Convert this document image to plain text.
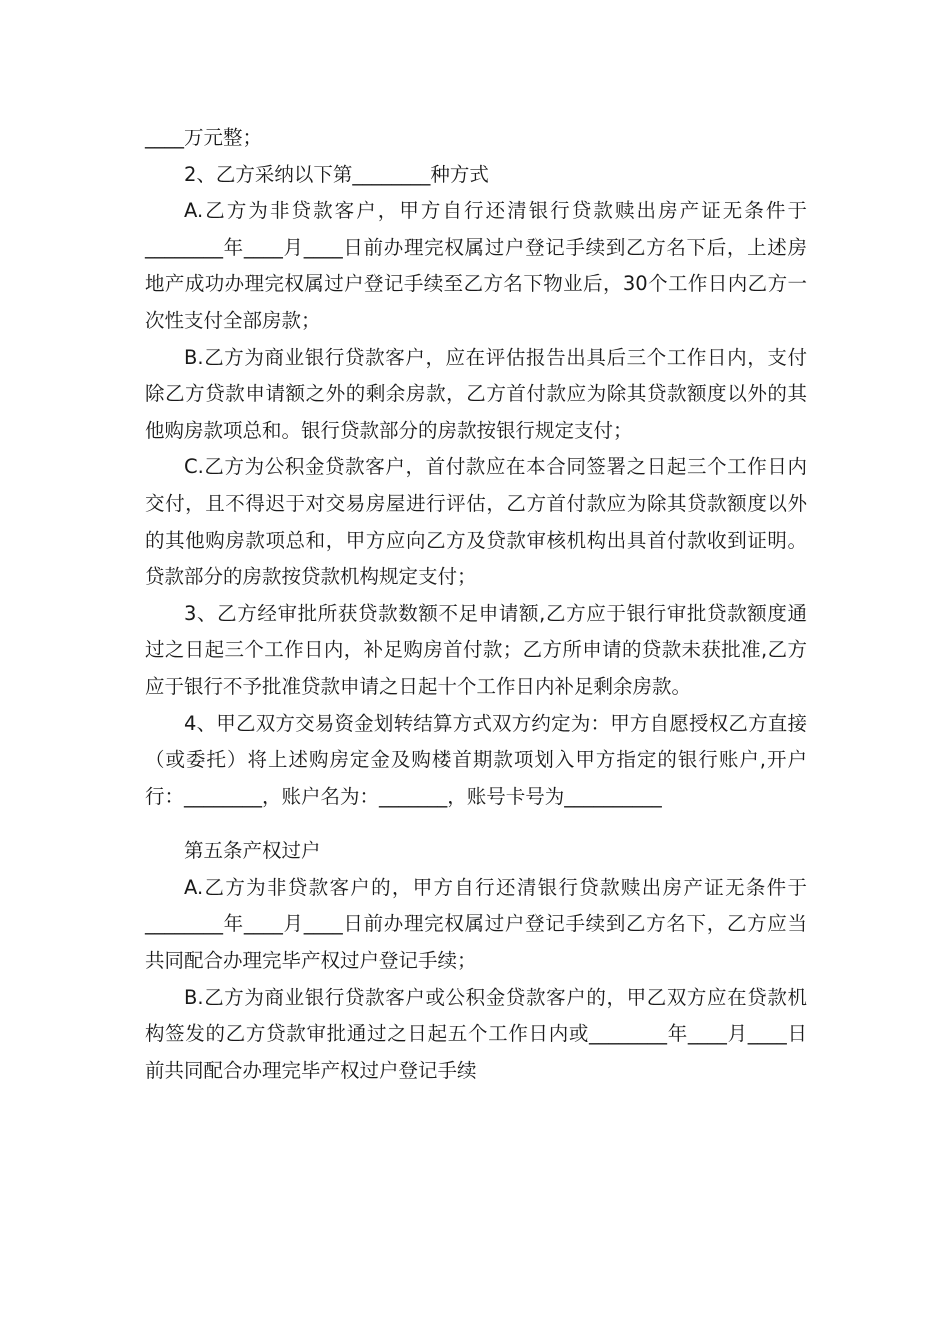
____万元整；

2、乙方采纳以下第________种方式

A.乙方为非贷款客户，甲方自行还清银行贷款赎出房产证无条件于________年____月____日前办理完权属过户登记手续到乙方名下后，上述房地产成功办理完权属过户登记手续至乙方名下物业后，30个工作日内乙方一次性支付全部房款；

B.乙方为商业银行贷款客户，应在评估报告出具后三个工作日内，支付除乙方贷款申请额之外的剩余房款，乙方首付款应为除其贷款额度以外的其他购房款项总和。银行贷款部分的房款按银行规定支付；

C.乙方为公积金贷款客户，首付款应在本合同签署之日起三个工作日内交付，且不得迟于对交易房屋进行评估，乙方首付款应为除其贷款额度以外的其他购房款项总和，甲方应向乙方及贷款审核机构出具首付款收到证明。贷款部分的房款按贷款机构规定支付；

3、乙方经审批所获贷款数额不足申请额,乙方应于银行审批贷款额度通过之日起三个工作日内，补足购房首付款；乙方所申请的贷款未获批准,乙方应于银行不予批准贷款申请之日起十个工作日内补足剩余房款。

4、甲乙双方交易资金划转结算方式双方约定为：甲方自愿授权乙方直接（或委托）将上述购房定金及购楼首期款项划入甲方指定的银行账户,开户行：________，账户名为：_______，账号卡号为__________

第五条产权过户

A.乙方为非贷款客户的，甲方自行还清银行贷款赎出房产证无条件于________年____月____日前办理完权属过户登记手续到乙方名下，乙方应当共同配合办理完毕产权过户登记手续；

B.乙方为商业银行贷款客户或公积金贷款客户的，甲乙双方应在贷款机构签发的乙方贷款审批通过之日起五个工作日内或________年____月____日前共同配合办理完毕产权过户登记手续
